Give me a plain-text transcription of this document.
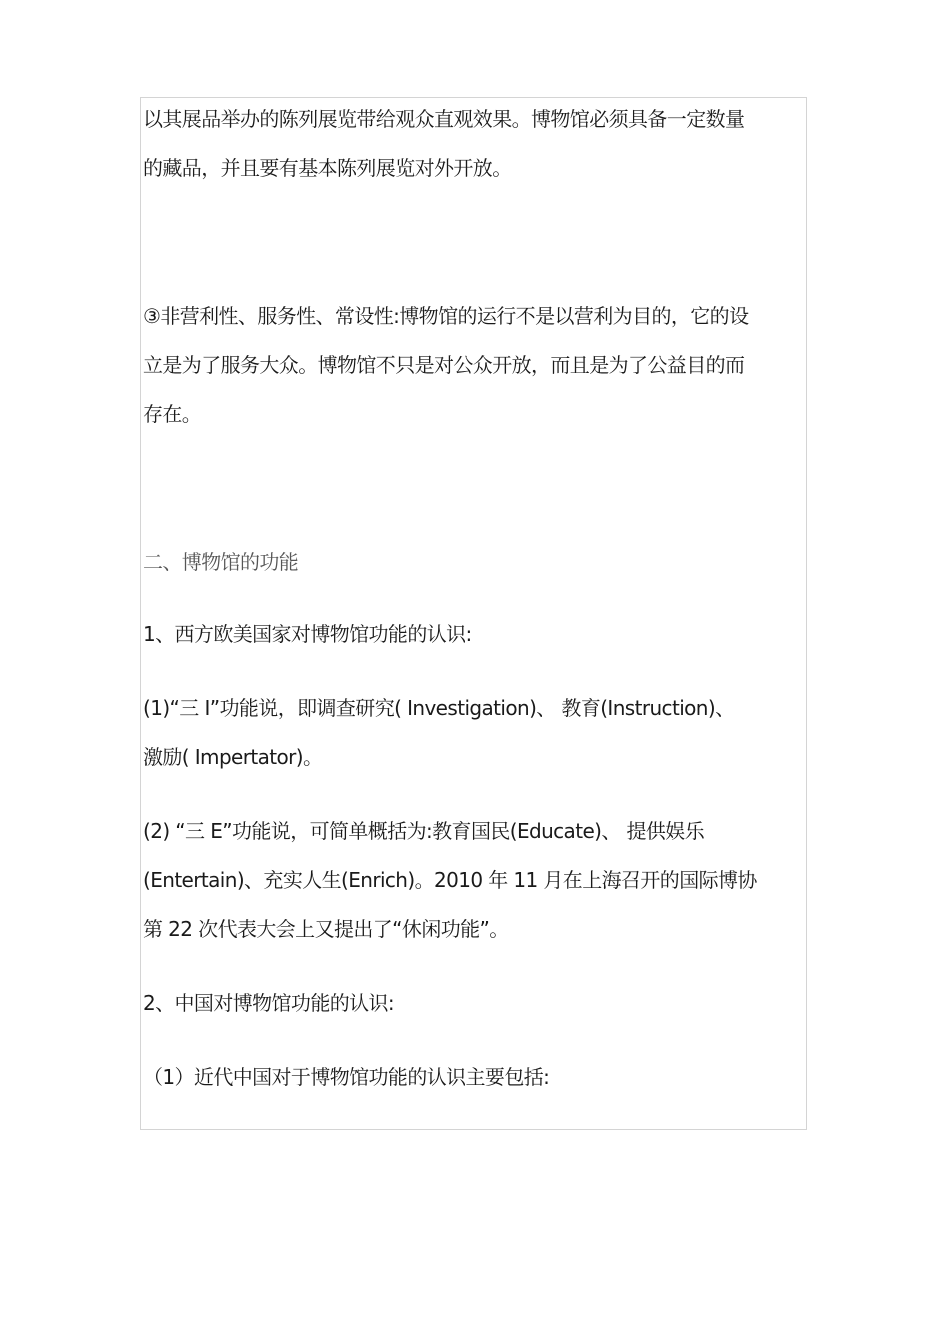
以其展品举办的陈列展览带给观众直观效果。博物馆必须具备一定数量
的藏品，并且要有基本陈列展览对外开放。
③非营利性、服务性、常设性:博物馆的运行不是以营利为目的，它的设
立是为了服务大众。博物馆不只是对公众开放，而且是为了公益目的而
存在。
二、博物馆的功能
1、西方欧美国家对博物馆功能的认识:
(1)“三 I”功能说，即调查研究( Investigation)、 教育(Instruction)、
激励( Impertator)。
(2) “三 E”功能说，可简单概括为:教育国民(Educate)、 提供娱乐
(Entertain)、充实人生(Enrich)。2010 年 11 月在上海召开的国际博协
第 22 次代表大会上又提出了“休闲功能”。
2、中国对博物馆功能的认识:
（1）近代中国对于博物馆功能的认识主要包括:
